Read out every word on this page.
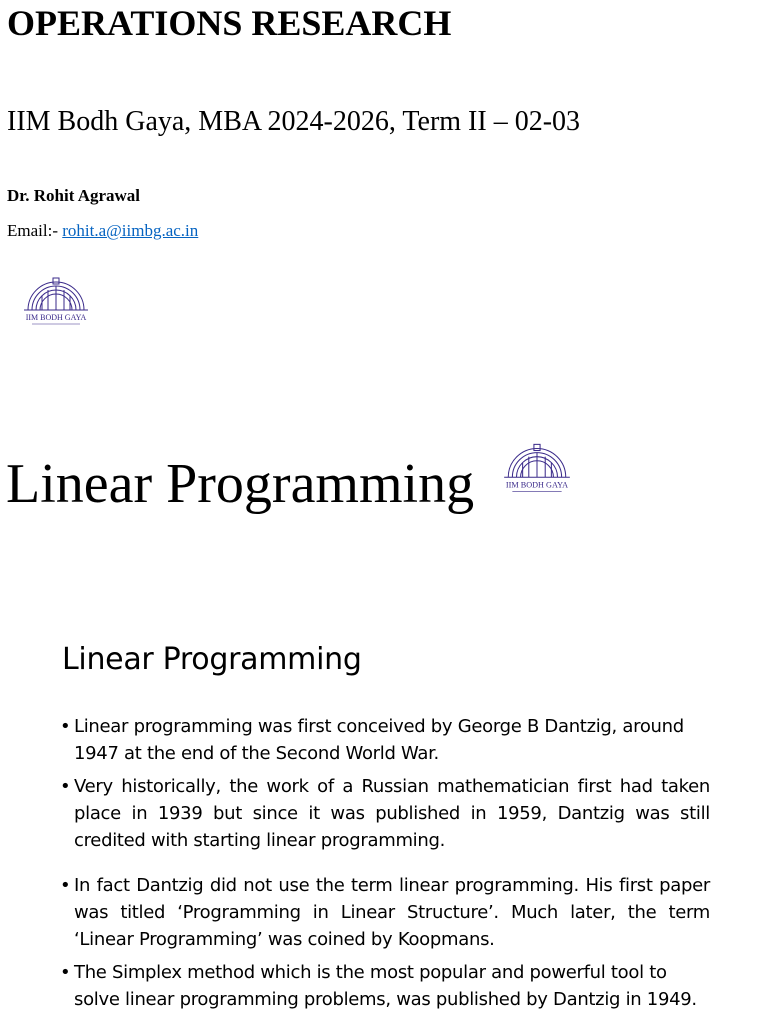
OPERATIONS RESEARCH
IIM Bodh Gaya, MBA 2024-2026, Term II – 02-03
Dr. Rohit Agrawal
Email:- rohit.a@iimbg.ac.in
IIM BODH GAYA
Linear Programming	IIM BODH GAYA
Linear Programming
• Linear programming was first conceived by George B Dantzig, around 1947 at the end of the Second World War.
• Very historically, the work of a Russian mathematician first had taken place in 1939 but since it was published in 1959, Dantzig was still credited with starting linear programming.
• In fact Dantzig did not use the term linear programming. His first paper was titled ‘Programming in Linear Structure’. Much later, the term ‘Linear Programming’ was coined by Koopmans.
• The Simplex method which is the most popular and powerful tool to solve linear programming problems, was published by Dantzig in 1949.
